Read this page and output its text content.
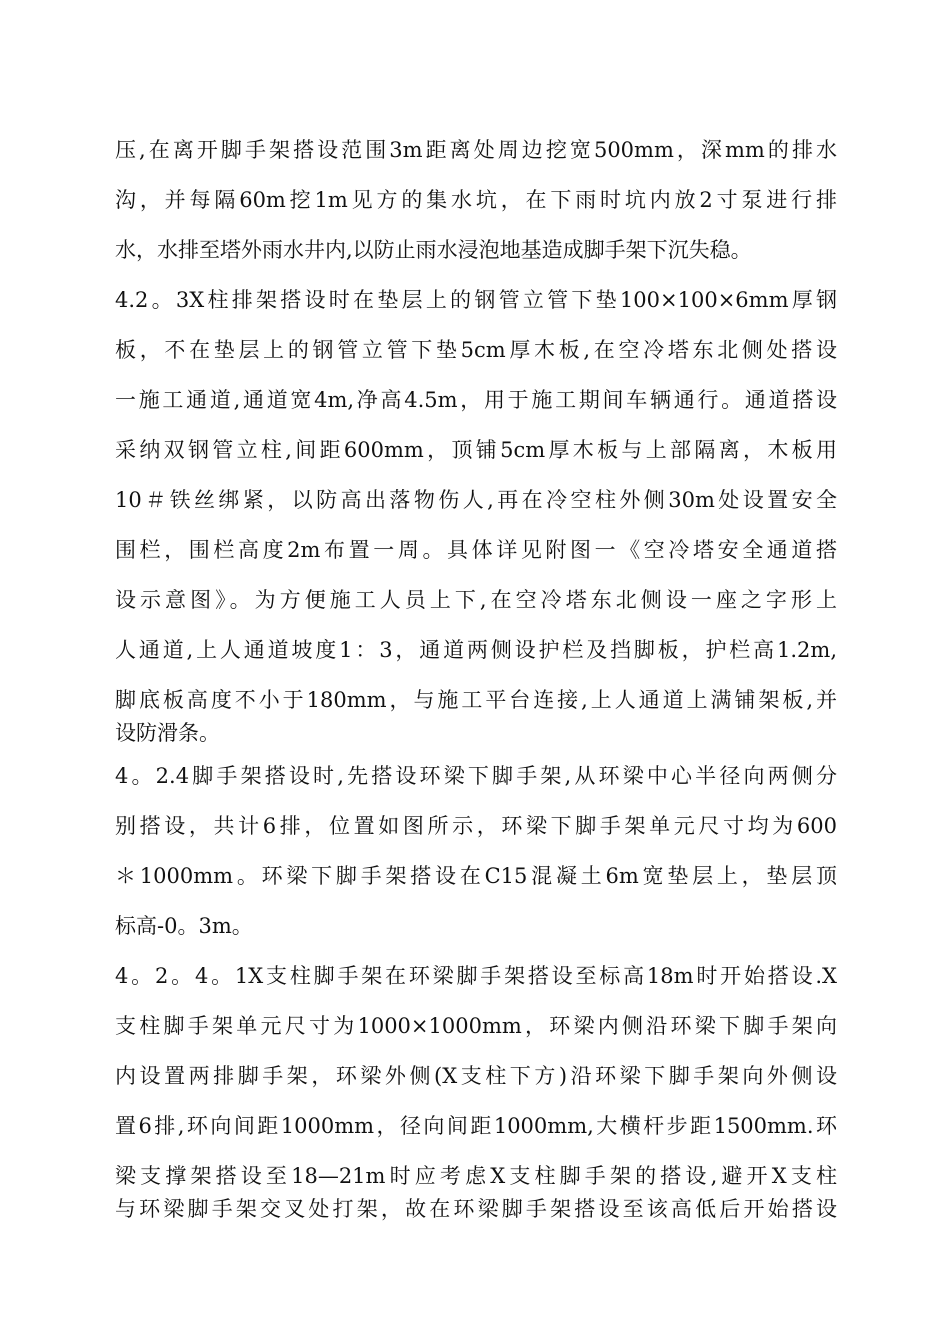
压,在离开脚手架搭设范围3m距离处周边挖宽500mm，深mm的排水
沟，并每隔60m挖1m见方的集水坑，在下雨时坑内放2寸泵进行排
水，水排至塔外雨水井内,以防止雨水浸泡地基造成脚手架下沉失稳。
4.2。3X柱排架搭设时在垫层上的钢管立管下垫100×100×6mm厚钢
板，不在垫层上的钢管立管下垫5cm厚木板,在空冷塔东北侧处搭设
一施工通道,通道宽4m,净高4.5m，用于施工期间车辆通行。通道搭设
采纳双钢管立柱,间距600mm，顶铺5cm厚木板与上部隔离，木板用
10＃铁丝绑紧，以防高出落物伤人,再在冷空柱外侧30m处设置安全
围栏，围栏高度2m布置一周。具体详见附图一《空冷塔安全通道搭
设示意图》。为方便施工人员上下,在空冷塔东北侧设一座之字形上
人通道,上人通道坡度1：3，通道两侧设护栏及挡脚板，护栏高1.2m,
脚底板高度不小于180mm，与施工平台连接,上人通道上满铺架板,并
设防滑条。
4。2.4脚手架搭设时,先搭设环梁下脚手架,从环梁中心半径向两侧分
别搭设，共计6排，位置如图所示，环梁下脚手架单元尺寸均为600
＊1000mm。环梁下脚手架搭设在C15混凝土6m宽垫层上，垫层顶
标高-0。3m。
4。2。4。1X支柱脚手架在环梁脚手架搭设至标高18m时开始搭设.X
支柱脚手架单元尺寸为1000×1000mm，环梁内侧沿环梁下脚手架向
内设置两排脚手架，环梁外侧(X支柱下方)沿环梁下脚手架向外侧设
置6排,环向间距1000mm，径向间距1000mm,大横杆步距1500mm.环
梁支撑架搭设至18—21m时应考虑X支柱脚手架的搭设,避开X支柱
与环梁脚手架交叉处打架，故在环梁脚手架搭设至该高低后开始搭设
